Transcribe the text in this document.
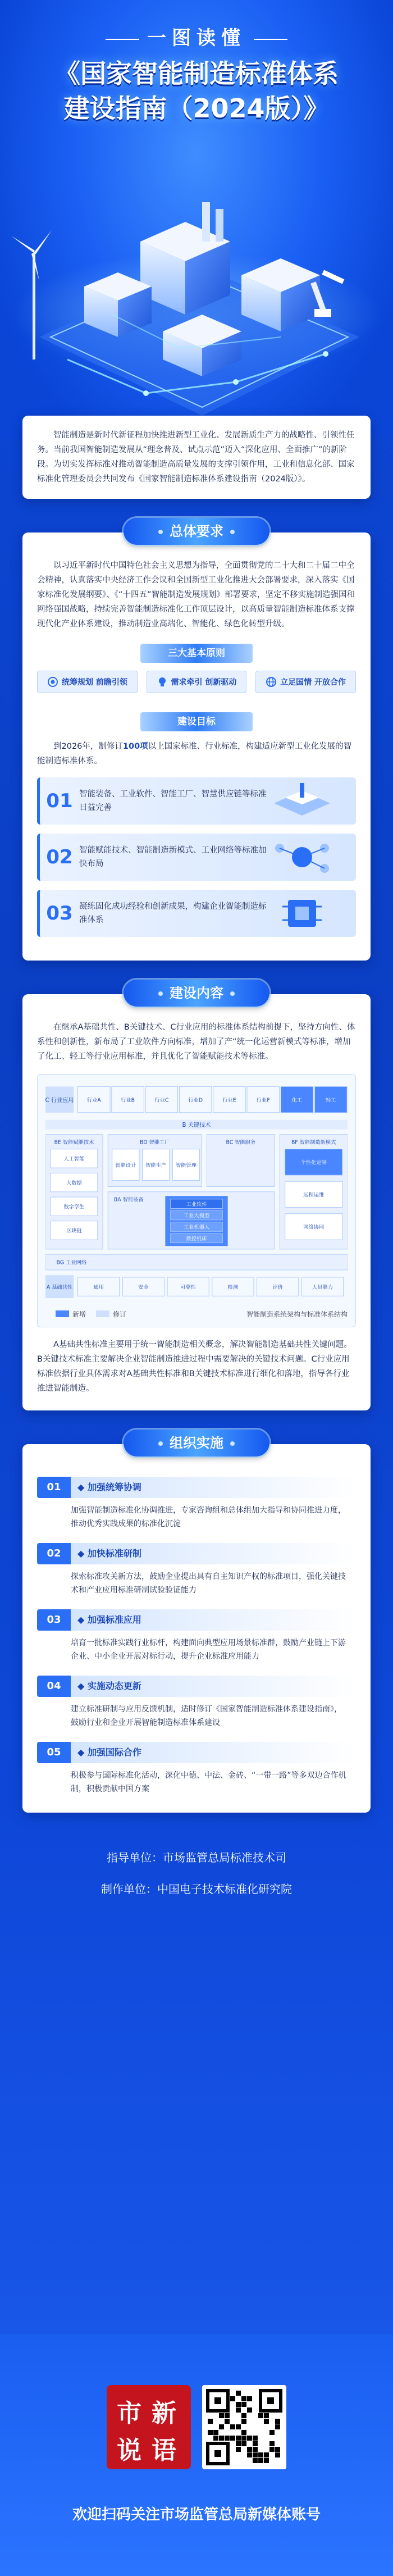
一图读懂
《国家智能制造标准体系
建设指南（2024版）》
智能制造是新时代新征程加快推进新型工业化、发展新质生产力的战略性、引领性任务。当前我国智能制造发展从“理念普及、试点示范”迈入“深化应用、全面推广”的新阶段。为切实发挥标准对推动智能制造高质量发展的支撑引领作用，工业和信息化部、国家标准化管理委员会共同发布《国家智能制造标准体系建设指南（2024版）》。
总体要求

以习近平新时代中国特色社会主义思想为指导，全面贯彻党的二十大和二十届二中全会精神，认真落实中央经济工作会议和全国新型工业化推进大会部署要求，深入落实《国家标准化发展纲要》、《“十四五”智能制造发展规划》部署要求，坚定不移实施制造强国和网络强国战略，持续完善智能制造标准化工作顶层设计，以高质量智能制造标准体系支撑现代化产业体系建设，推动制造业高端化、智能化、绿色化转型升级。

三大基本原则
统筹规划 前瞻引领	需求牵引 创新驱动	立足国情 开放合作
建设目标

到2026年，制修订100项以上国家标准、行业标准，构建适应新型工业化发展的智能制造标准体系。

01 智能装备、工业软件、智能工厂、智慧供应链等标准日益完善
02 智能赋能技术、智能制造新模式、工业网络等标准加快布局
03 凝练固化成功经验和创新成果，构建企业智能制造标准体系
建设内容

在继承A基础共性、B关键技术、C行业应用的标准体系结构前提下，坚持方向性、体系性和创新性，新布局了工业软件方向标准，增加了产“统一化运营新模式等标准，增加了化工、轻工等行业应用标准，并且优化了智能赋能技术等标准。

C 行业应用 行业A	行业B	行业C	行业D	行业E	行业F	化工	轻工
B 关键技术
BE 智能赋能技术
人工智能
大数据
数字孪生
区块链
BD 智能工厂
智能设计 智能生产 智能管理
BC 智能服务	BF 智能制造新模式
个性化定制
远程运维
网络协同
BA 智能装备
工业软件
工业大模型
工业机器人
数控机床
BG 工业网络
A 基础共性	通用	安全	可靠性	检测	评价	人员能力
新增	修订	智能制造系统架构与标准体系结构

A基础共性标准主要用于统一智能制造相关概念，解决智能制造基础共性关键问题。B关键技术标准主要解决企业智能制造推进过程中需要解决的关键技术问题。C行业应用标准依据行业具体需求对A基础共性标准和B关键技术标准进行细化和落地，指导各行业推进智能制造。

组织实施
01	◆ 加强统筹协调
加强智能制造标准化协调推进，专家咨询组和总体组加大指导和协同推进力度，推动优秀实践成果的标准化沉淀
02	◆ 加快标准研制
探索标准攻关新方法，鼓励企业提出具有自主知识产权的标准项目，强化关键技术和产业应用标准研制试验验证能力
03	◆ 加强标准应用
培育一批标准实践行业标杆，构建面向典型应用场景标准群，鼓励产业链上下游企业、中小企业开展对标行动，提升企业标准应用能力
04	◆ 实施动态更新
建立标准研制与应用反馈机制，适时修订《国家智能制造标准体系建设指南》，鼓励行业和企业开展智能制造标准体系建设
05	◆ 加强国际合作
积极参与国际标准化活动，深化中德、中法、金砖、“一带一路”等多双边合作机制，积极贡献中国方案
指导单位：市场监管总局标准技术司
制作单位：中国电子技术标准化研究院
市 新
说 语
欢迎扫码关注市场监管总局新媒体账号
